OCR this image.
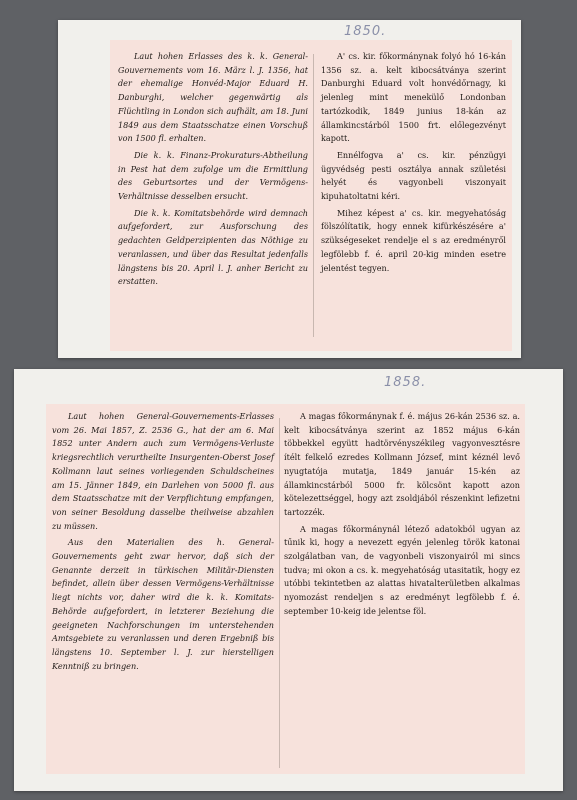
1850.

Laut hohen Erlasses des k. k. General-Gouvernements vom 16. März l. J. 1356, hat der ehemalige Honvéd-Major Eduard H. Danburghi, welcher gegenwärtig als Flüchtling in London sich aufhält, am 18. Juni 1849 aus dem Staatsschatze einen Vorschuß von 1500 fl. erhalten.

Die k. k. Finanz-Prokuraturs-Abtheilung in Pest hat dem zufolge um die Ermittlung des Geburtsortes und der Vermögens-Verhältnisse desselben ersucht.

Die k. k. Komitatsbehörde wird demnach aufgefordert, zur Ausforschung des gedachten Geldperzipienten das Nöthige zu veranlassen, und über das Resultat jedenfalls längstens bis 20. April l. J. anher Bericht zu erstatten.

A' cs. kir. főkormánynak folyó hó 16-kán 1356 sz. a. kelt kibocsátványa szerint Danburghi Eduard volt honvédőrnagy, ki jelenleg mint menekülő Londonban tartózkodik, 1849 junius 18-kán az államkincstárból 1500 frt. előlegezvényt kapott.

Ennélfogva a' cs. kir. pénzügyi ügyvédség pesti osztálya annak születési helyét és vagyonbeli viszonyait kipuhatoltatni kéri.

Mihez képest a' cs. kir. megyehatóság fölszólítatik, hogy ennek kifürkészésére a' szükségeseket rendelje el s az eredményről legfölebb f. é. april 20-kig minden esetre jelentést tegyen.

1858.

Laut hohen General-Gouvernements-Erlasses vom 26. Mai 1857, Z. 2536 G., hat der am 6. Mai 1852 unter Andern auch zum Vermögens-Verluste kriegsrechtlich verurtheilte Insurgenten-Oberst Josef Kollmann laut seines vorliegenden Schuldscheines am 15. Jänner 1849, ein Darlehen von 5000 fl. aus dem Staatsschatze mit der Verpflichtung empfangen, von seiner Besoldung dasselbe theilweise abzahlen zu müssen.

Aus den Materialien des h. General-Gouvernements geht zwar hervor, daß sich der Genannte derzeit in türkischen Militär-Diensten befindet, allein über dessen Vermögens-Verhältnisse liegt nichts vor, daher wird die k. k. Komitats-Behörde aufgefordert, in letzterer Beziehung die geeigneten Nachforschungen im unterstehenden Amtsgebiete zu veranlassen und deren Ergebniß bis längstens 10. September l. J. zur hierstelligen Kenntniß zu bringen.

A magas főkormánynak f. é. május 26-kán 2536 sz. a. kelt kibocsátványa szerint az 1852 május 6-kán többekkel együtt hadtörvényszékileg vagyonvesztésre ítélt felkelő ezredes Kollmann József, mint kéznél levő nyugtatója mutatja, 1849 január 15-kén az államkincstárból 5000 fr. kölcsönt kapott azon kötelezettséggel, hogy azt zsoldjából részenkint lefizetni tartozzék.

A magas főkormánynál létező adatokból ugyan az tűnik ki, hogy a nevezett egyén jelenleg török katonai szolgálatban van, de vagyonbeli viszonyairól mi sincs tudva; mi okon a cs. k. megyehatóság utasitatik, hogy ez utóbbi tekintetben az alattas hivatalterületben alkalmas nyomozást rendeljen s az eredményt legfölebb f. é. september 10-keig ide jelentse föl.
